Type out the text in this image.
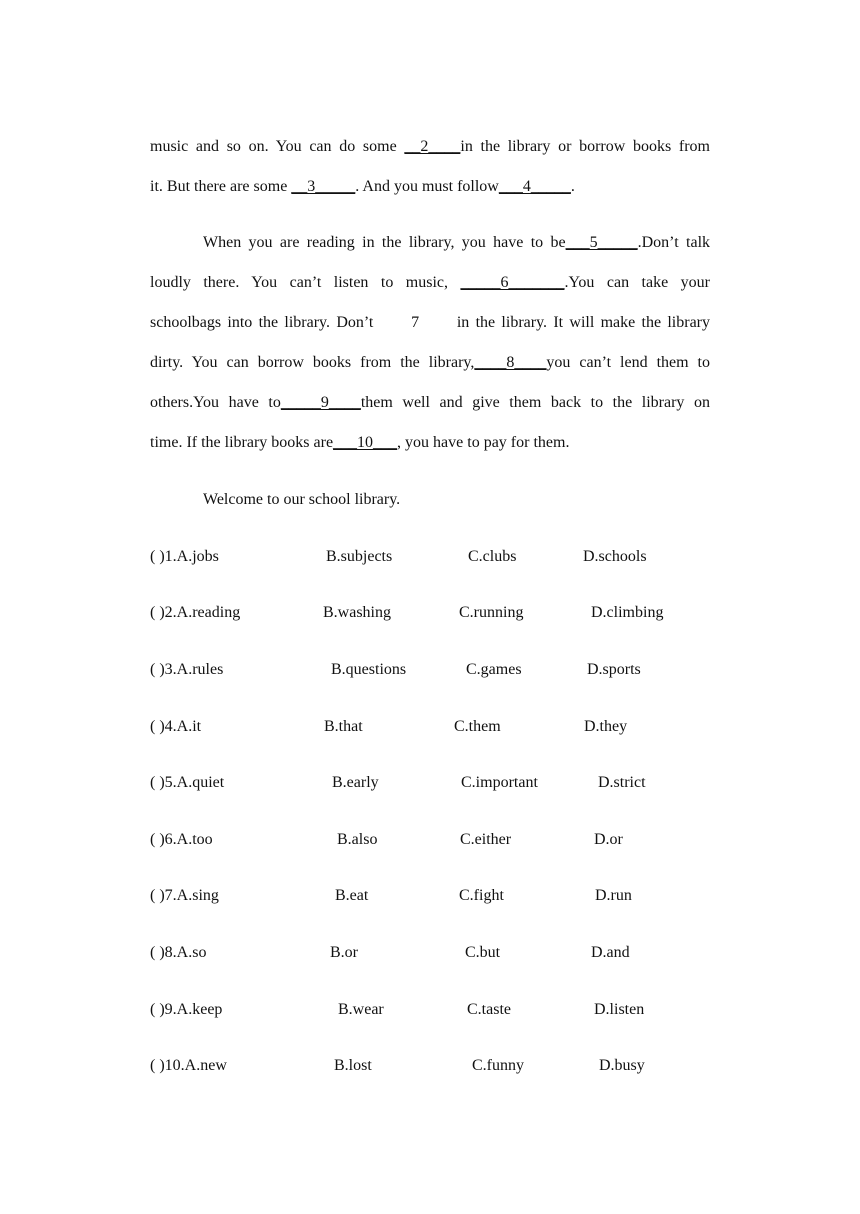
music and so on. You can do some __2____in the library or borrow books from
it. But there are some __3_____. And you must follow___4_____.
When you are reading in the library, you have to be___5_____.Don’t talk
loudly there. You can’t listen to music, _____6_______.You can take your
schoolbags into the library. Don’t      7      in the library. It will make the library
dirty. You can borrow books from the library,____8____you can’t lend them to
others.You have to_____9____them well and give them back to the library on
time. If the library books are___10___, you have to pay for them.
Welcome to our school library.
( )1.A.jobs	B.subjects	C.clubs	D.schools
( )2.A.reading	B.washing	C.running	D.climbing
( )3.A.rules	B.questions	C.games	D.sports
( )4.A.it	B.that	C.them	D.they
( )5.A.quiet	B.early	C.important	D.strict
( )6.A.too	B.also	C.either	D.or
( )7.A.sing	B.eat	C.fight	D.run
( )8.A.so	B.or	C.but	D.and
( )9.A.keep	B.wear	C.taste	D.listen
( )10.A.new	B.lost	C.funny	D.busy
